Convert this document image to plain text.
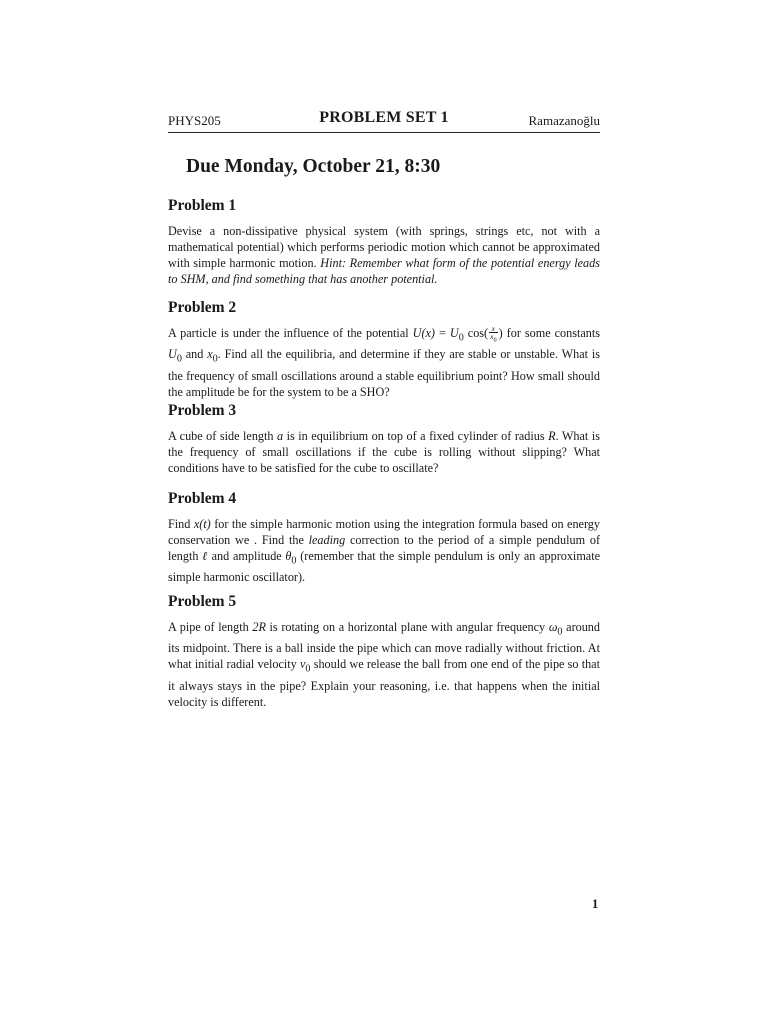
PHYS205	PROBLEM SET 1	Ramazanoğlu
Due Monday, October 21, 8:30
Problem 1

Devise a non-dissipative physical system (with springs, strings etc, not with a mathematical potential) which performs periodic motion which cannot be approximated with simple harmonic motion. Hint: Remember what form of the potential energy leads to SHM, and find something that has another potential.

Problem 2

A particle is under the influence of the potential $U(x) = U_0$ $\cos( \frac{x}{x_0}$ ) for some constants $U_0$ and $x_0$. Find all the equilibria, and determine if they are stable or unstable. What is the frequency of small oscillations around a stable equilibrium point? How small should the amplitude be for the system to be a SHO?

Problem 3

A cube of side length a is in equilibrium on top of a fixed cylinder of radius R. What is the frequency of small oscillations if the cube is rolling without slipping? What conditions have to be satisfied for the cube to oscillate?

Problem 4

Find x(t) for the simple harmonic motion using the integration formula based on energy conservation we . Find the leading correction to the period of a simple pendulum of length ℓ and amplitude $\theta_0$ (remember that the simple pendulum is only an approximate simple harmonic oscillator).

Problem 5

A pipe of length 2R is rotating on a horizontal plane with angular frequency $\omega_0$ around its midpoint. There is a ball inside the pipe which can move radially without friction. At what initial radial velocity $v_0$ should we release the ball from one end of the pipe so that it always stays in the pipe? Explain your reasoning, i.e. that happens when the initial velocity is different.

1
